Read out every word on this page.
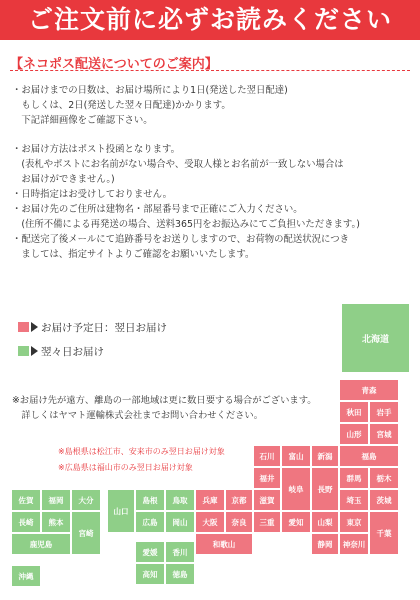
ご注文前に必ずお読みください
【ネコポス配送についてのご案内】
・お届けまでの日数は、お届け場所により1日(発送した翌日配達)
　もしくは、2日(発送した翌々日配達)かかります。
　下記詳細画像をご確認下さい。
・お届け方法はポスト投函となります。
　(表札やポストにお名前がない場合や、受取人様とお名前が一致しない場合は
　お届けができません。)
・日時指定はお受けしておりません。
・お届け先のご住所は建物名・部屋番号まで正確にご入力ください。
　(住所不備による再発送の場合、送料365円をお振込みにてご負担いただきます。)
・配送完了後メールにて追跡番号をお送りしますので、お荷物の配送状況につき
　ましては、指定サイトよりご確認をお願いいたします。
お届け予定日：翌日お届け
翌々日お届け
※お届け先が遠方、離島の一部地域は更に数日要する場合がございます。
　詳しくはヤマト運輸株式会社までお問い合わせください。
※島根県は松江市、安来市のみ翌日お届け対象
※広島県は福山市のみ翌日お届け対象
北海道
青森
秋田	岩手
山形	宮城
福島
新潟
群馬	栃木
茨城
埼玉
千葉
東京
神奈川
山梨
長野
石川	富山
福井
岐阜
静岡
愛知
兵庫	京都	滋賀
大阪	奈良	三重
和歌山
島根	鳥取
広島	岡山
山口
愛媛	香川
高知	徳島
佐賀	福岡	大分
長崎	熊本
宮崎
鹿児島
沖縄
